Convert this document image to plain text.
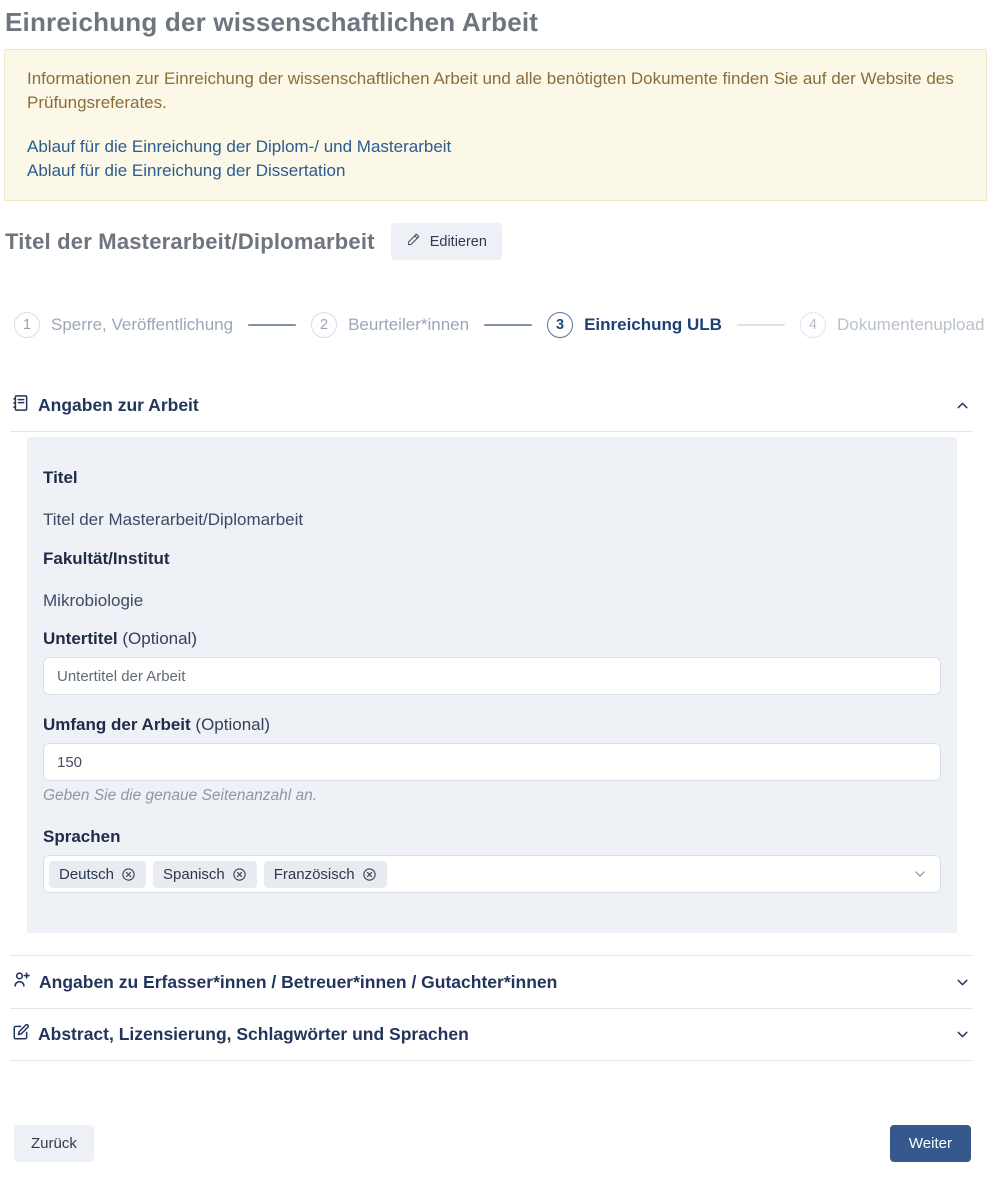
Einreichung der wissenschaftlichen Arbeit

Informationen zur Einreichung der wissenschaftlichen Arbeit und alle benötigten Dokumente finden Sie auf der Website des Prüfungsreferates.

Ablauf für die Einreichung der Diplom-/ und Masterarbeit
Ablauf für die Einreichung der Dissertation
Titel der Masterarbeit/Diplomarbeit	Editieren
1	Sperre, Veröffentlichung	2	Beurteiler*innen	3	Einreichung ULB	4	Dokumentenupload
Angaben zur Arbeit
Titel
Titel der Masterarbeit/Diplomarbeit
Fakultät/Institut
Mikrobiologie
Untertitel (Optional)
Untertitel der Arbeit
Umfang der Arbeit (Optional)
150
Geben Sie die genaue Seitenanzahl an.
Sprachen
Deutsch	Spanisch	Französisch
Angaben zu Erfasser*innen / Betreuer*innen / Gutachter*innen
Abstract, Lizensierung, Schlagwörter und Sprachen
Zurück	Weiter
